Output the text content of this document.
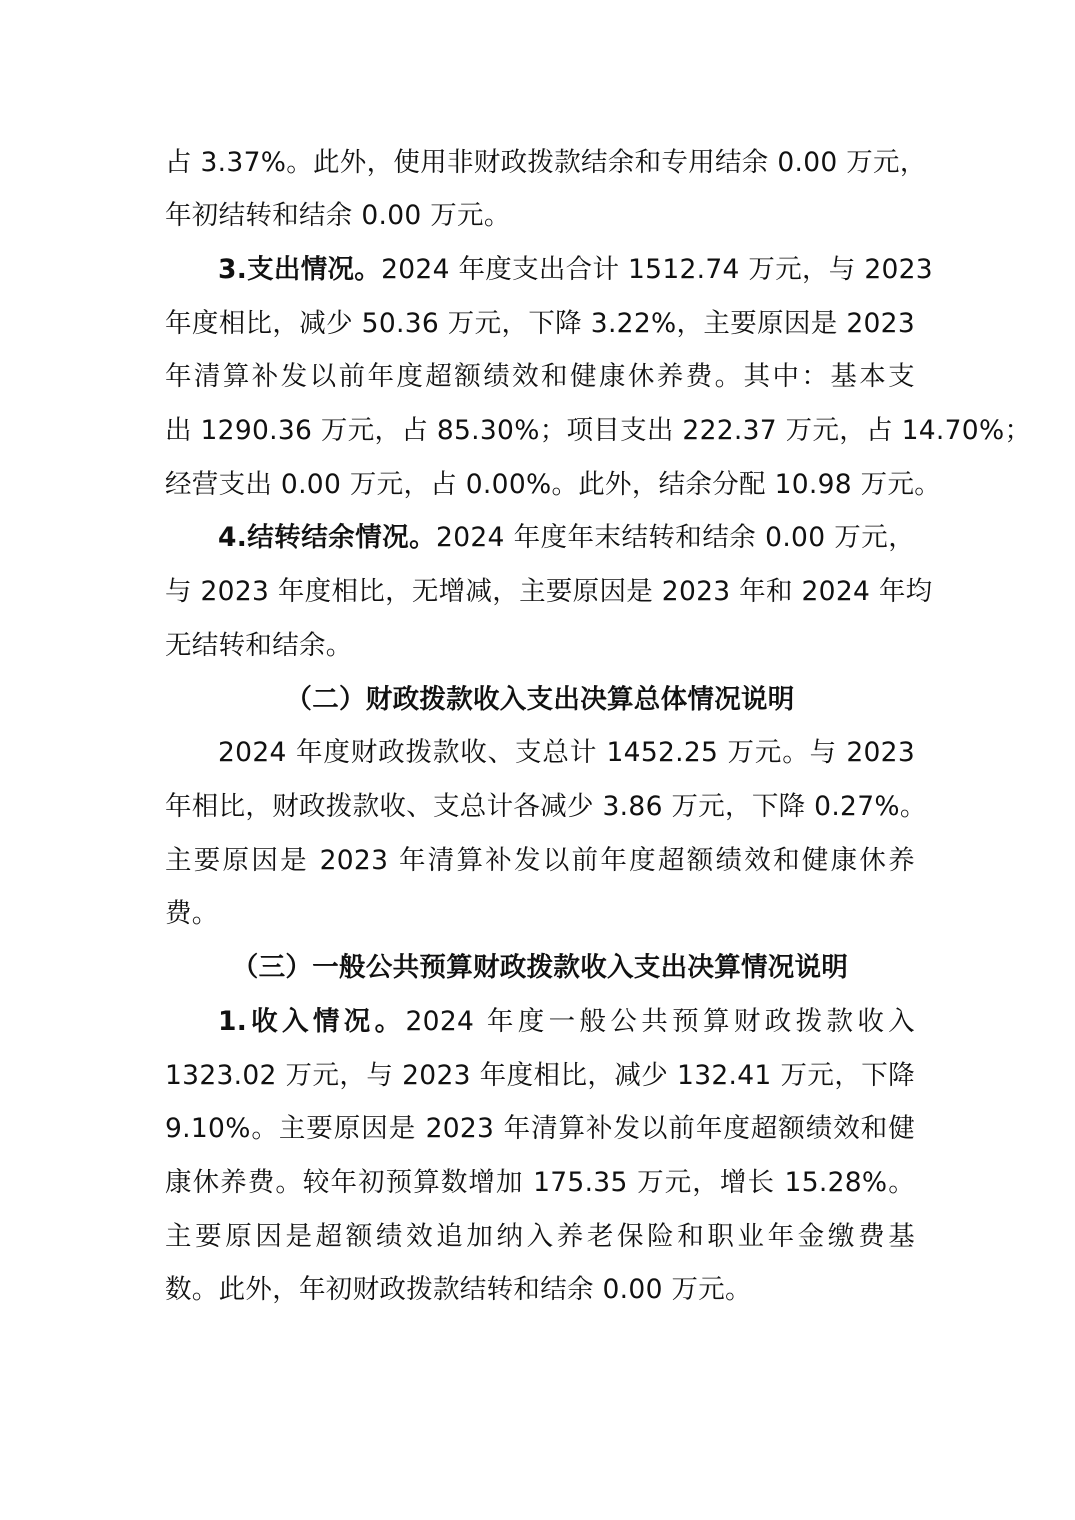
占 3.37%。此外，使用非财政拨款结余和专用结余 0.00 万元，
年初结转和结余 0.00 万元。
3.支出情况。2024 年度支出合计 1512.74 万元，与 2023
年度相比，减少 50.36 万元，下降 3.22%，主要原因是 2023
年清算补发以前年度超额绩效和健康休养费。其中：基本支
出 1290.36 万元，占 85.30%；项目支出 222.37 万元，占 14.70%；
经营支出 0.00 万元，占 0.00%。此外，结余分配 10.98 万元。
4.结转结余情况。2024 年度年末结转和结余 0.00 万元，
与 2023 年度相比，无增减，主要原因是 2023 年和 2024 年均
无结转和结余。
（二）财政拨款收入支出决算总体情况说明
2024 年度财政拨款收、支总计 1452.25 万元。与 2023
年相比，财政拨款收、支总计各减少 3.86 万元，下降 0.27%。
主要原因是 2023 年清算补发以前年度超额绩效和健康休养
费。
（三）一般公共预算财政拨款收入支出决算情况说明
1.收入情况。2024 年度一般公共预算财政拨款收入
1323.02 万元，与 2023 年度相比，减少 132.41 万元，下降
9.10%。主要原因是 2023 年清算补发以前年度超额绩效和健
康休养费。较年初预算数增加 175.35 万元，增长 15.28%。
主要原因是超额绩效追加纳入养老保险和职业年金缴费基
数。此外，年初财政拨款结转和结余 0.00 万元。
